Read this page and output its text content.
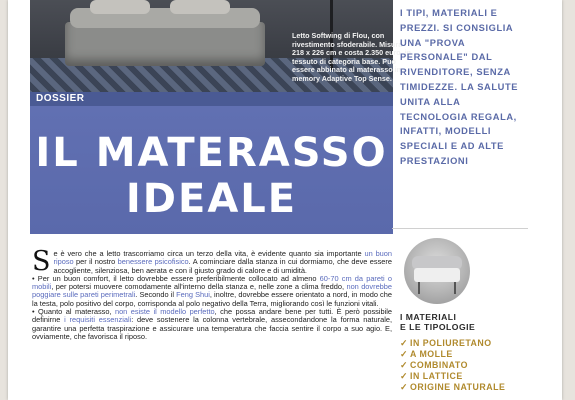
Letto Softwing di Flou, con rivestimento sfoderabile. Misura 218 x 226 cm e costa 2.350 euro, in tessuto di categoria base. Può essere abbinato al materasso in memory Adaptive Top Sense.
DOSSIER
IL MATERASSO
IDEALE

Se è vero che a letto trascorriamo circa un terzo della vita, è evidente quanto sia importante un buon riposo per il nostro benessere psicofisico. A cominciare dalla stanza in cui dormiamo, che deve essere accogliente, silenziosa, ben aerata e con il giusto grado di calore e di umidità.

• Per un buon comfort, il letto dovrebbe essere preferibilmente collocato ad almeno 60-70 cm da pareti o mobili, per potersi muovere comodamente all'interno della stanza e, nelle zone a clima freddo, non dovrebbe poggiare sulle pareti perimetrali. Secondo il Feng Shui, inoltre, dovrebbe essere orientato a nord, in modo che la testa, polo positivo del corpo, corrisponda al polo negativo della Terra, migliorando così le funzioni vitali.

• Quanto al materasso, non esiste il modello perfetto, che possa andare bene per tutti. È però possibile definirne i requisiti essenziali: deve sostenere la colonna vertebrale, assecondandone la forma naturale, garantire una perfetta traspirazione e assicurare una temperatura che faccia sentire il corpo a suo agio. E, ovviamente, che favorisca il riposo.

I TIPI, MATERIALI E PREZZI. SI CONSIGLIA UNA "PROVA PERSONALE" DAL RIVENDITORE, SENZA TIMIDEZZE. LA SALUTE UNITA ALLA TECNOLOGIA REGALA, INFATTI, MODELLI SPECIALI E AD ALTE PRESTAZIONI
I MATERIALI
E LE TIPOLOGIE
✓ IN POLIURETANO
✓ A MOLLE
✓ COMBINATO
✓ IN LATTICE
✓ ORIGINE NATURALE
